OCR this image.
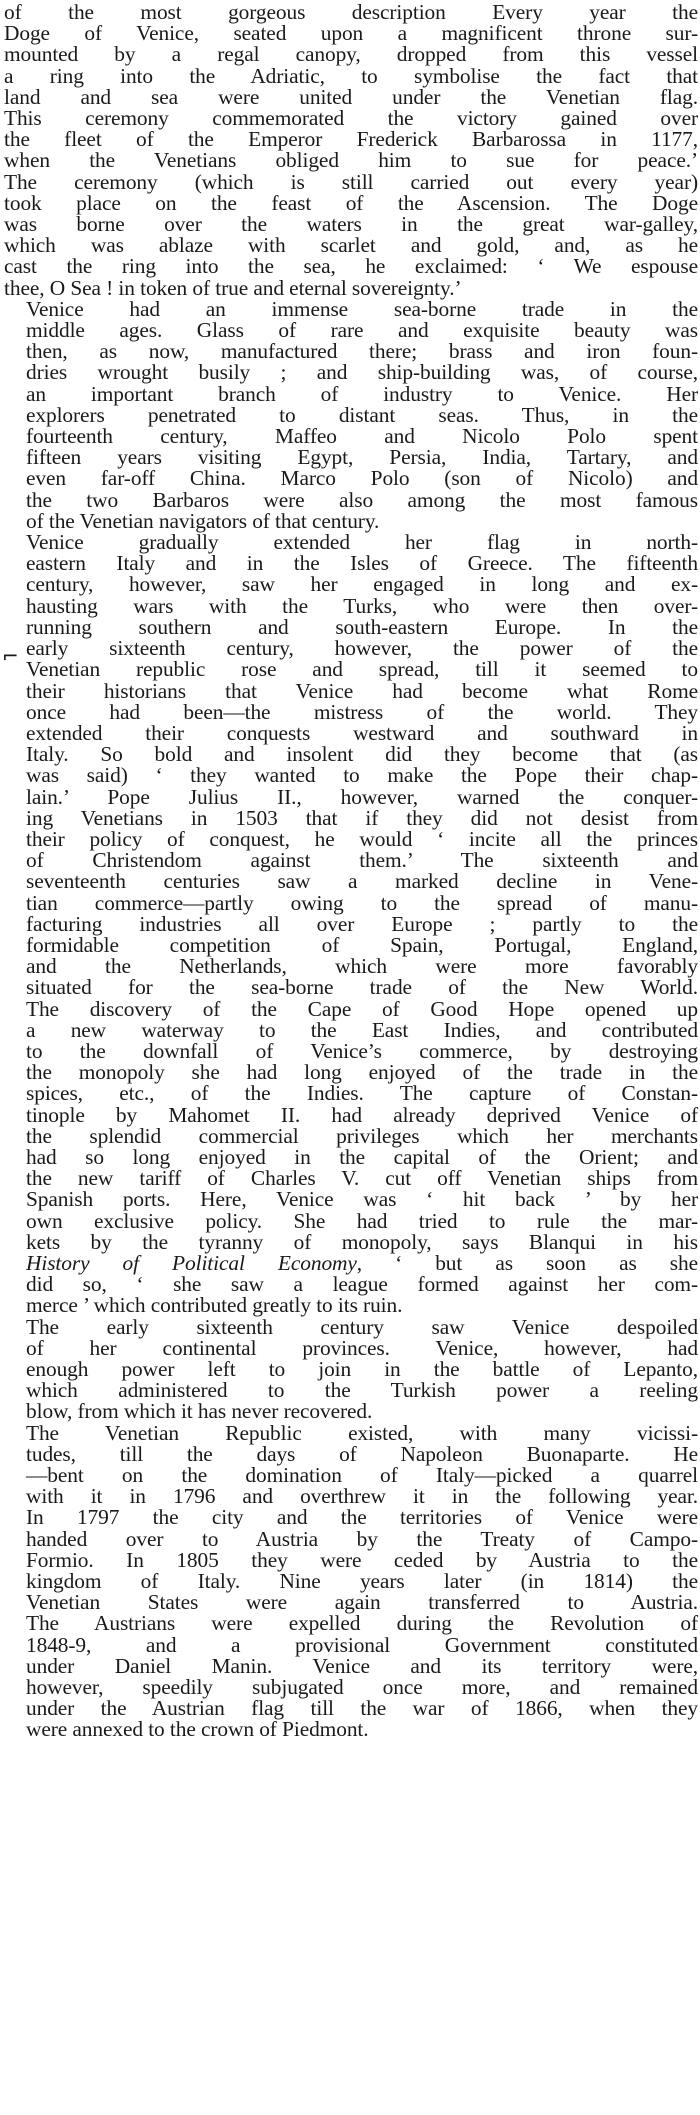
⌐
of the most gorgeous description Every year the
Doge of Venice, seated upon a magnificent throne sur-
mounted by a regal canopy, dropped from this vessel
a ring into the Adriatic, to symbolise the fact that
land and sea were united under the Venetian flag.
This ceremony commemorated the victory gained over
the fleet of the Emperor Frederick Barbarossa in 1177,
when the Venetians obliged him to sue for peace.’
The ceremony (which is still carried out every year)
took place on the feast of the Ascension. The Doge
was borne over the waters in the great war-galley,
which was ablaze with scarlet and gold, and, as he
cast the ring into the sea, he exclaimed: ‘ We espouse
thee, O Sea ! in token of true and eternal sovereignty.’
Venice had an immense sea-borne trade in the
middle ages. Glass of rare and exquisite beauty was
then, as now, manufactured there; brass and iron foun-
dries wrought busily ; and ship-building was, of course,
an important branch of industry to Venice. Her
explorers penetrated to distant seas. Thus, in the
fourteenth century, Maffeo and Nicolo Polo spent
fifteen years visiting Egypt, Persia, India, Tartary, and
even far-off China. Marco Polo (son of Nicolo) and
the two Barbaros were also among the most famous
of the Venetian navigators of that century.
Venice gradually extended her flag in north-
eastern Italy and in the Isles of Greece. The fifteenth
century, however, saw her engaged in long and ex-
hausting wars with the Turks, who were then over-
running southern and south-eastern Europe. In the
early sixteenth century, however, the power of the
Venetian republic rose and spread, till it seemed to
their historians that Venice had become what Rome
once had been—the mistress of the world. They
extended their conquests westward and southward in
Italy. So bold and insolent did they become that (as
was said) ‘ they wanted to make the Pope their chap-
lain.’ Pope Julius II., however, warned the conquer-
ing Venetians in 1503 that if they did not desist from
their policy of conquest, he would ‘ incite all the princes
of Christendom against them.’ The sixteenth and
seventeenth centuries saw a marked decline in Vene-
tian commerce—partly owing to the spread of manu-
facturing industries all over Europe ; partly to the
formidable competition of Spain, Portugal, England,
and the Netherlands, which were more favorably
situated for the sea-borne trade of the New World.
The discovery of the Cape of Good Hope opened up
a new waterway to the East Indies, and contributed
to the downfall of Venice’s commerce, by destroying
the monopoly she had long enjoyed of the trade in the
spices, etc., of the Indies. The capture of Constan-
tinople by Mahomet II. had already deprived Venice of
the splendid commercial privileges which her merchants
had so long enjoyed in the capital of the Orient; and
the new tariff of Charles V. cut off Venetian ships from
Spanish ports. Here, Venice was ‘ hit back ’ by her
own exclusive policy. She had tried to rule the mar-
kets by the tyranny of monopoly, says Blanqui in his
History of Political Economy, ‘ but as soon as she
did so, ‘ she saw a league formed against her com-
merce ’ which contributed greatly to its ruin.
The early sixteenth century saw Venice despoiled
of her continental provinces. Venice, however, had
enough power left to join in the battle of Lepanto,
which administered to the Turkish power a reeling
blow, from which it has never recovered.
The Venetian Republic existed, with many vicissi-
tudes, till the days of Napoleon Buonaparte. He
—bent on the domination of Italy—picked a quarrel
with it in 1796 and overthrew it in the following year.
In 1797 the city and the territories of Venice were
handed over to Austria by the Treaty of Campo-
Formio. In 1805 they were ceded by Austria to the
kingdom of Italy. Nine years later (in 1814) the
Venetian States were again transferred to Austria.
The Austrians were expelled during the Revolution of
1848-9, and a provisional Government constituted
under Daniel Manin. Venice and its territory were,
however, speedily subjugated once more, and remained
under the Austrian flag till the war of 1866, when they
were annexed to the crown of Piedmont.
